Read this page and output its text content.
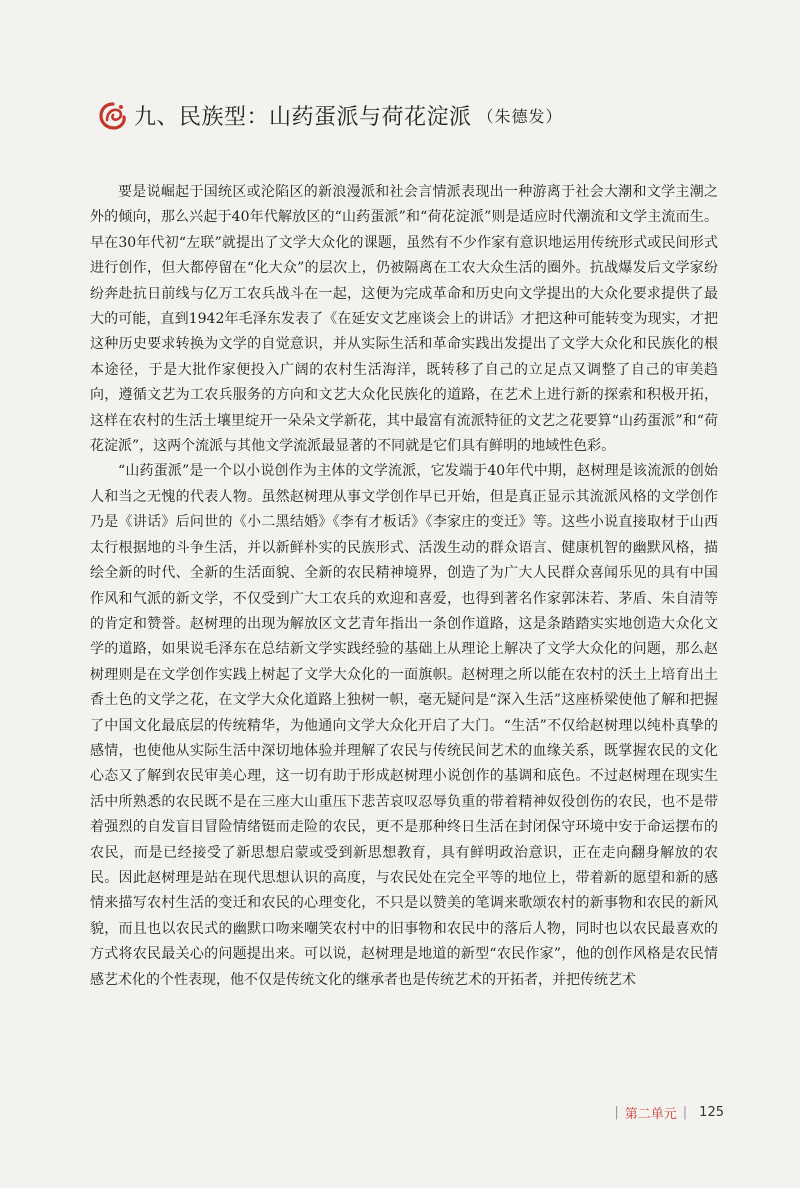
九、民族型：山药蛋派与荷花淀派 （朱德发）

要是说崛起于国统区或沦陷区的新浪漫派和社会言情派表现出一种游离于社会大潮和文学主潮之外的倾向，那么兴起于40年代解放区的“山药蛋派”和“荷花淀派”则是适应时代潮流和文学主流而生。早在30年代初“左联”就提出了文学大众化的课题，虽然有不少作家有意识地运用传统形式或民间形式进行创作，但大都停留在“化大众”的层次上，仍被隔离在工农大众生活的圈外。抗战爆发后文学家纷纷奔赴抗日前线与亿万工农兵战斗在一起，这便为完成革命和历史向文学提出的大众化要求提供了最大的可能，直到1942年毛泽东发表了《在延安文艺座谈会上的讲话》才把这种可能转变为现实，才把这种历史要求转换为文学的自觉意识，并从实际生活和革命实践出发提出了文学大众化和民族化的根本途径，于是大批作家便投入广阔的农村生活海洋，既转移了自己的立足点又调整了自己的审美趋向，遵循文艺为工农兵服务的方向和文艺大众化民族化的道路，在艺术上进行新的探索和积极开拓，这样在农村的生活土壤里绽开一朵朵文学新花，其中最富有流派特征的文艺之花要算“山药蛋派”和“荷花淀派”，这两个流派与其他文学流派最显著的不同就是它们具有鲜明的地域性色彩。

“山药蛋派”是一个以小说创作为主体的文学流派，它发端于40年代中期，赵树理是该流派的创始人和当之无愧的代表人物。虽然赵树理从事文学创作早已开始，但是真正显示其流派风格的文学创作乃是《讲话》后问世的《小二黑结婚》《李有才板话》《李家庄的变迁》等。这些小说直接取材于山西太行根据地的斗争生活，并以新鲜朴实的民族形式、活泼生动的群众语言、健康机智的幽默风格，描绘全新的时代、全新的生活面貌、全新的农民精神境界，创造了为广大人民群众喜闻乐见的具有中国作风和气派的新文学，不仅受到广大工农兵的欢迎和喜爱，也得到著名作家郭沫若、茅盾、朱自清等的肯定和赞誉。赵树理的出现为解放区文艺青年指出一条创作道路，这是条踏踏实实地创造大众化文学的道路，如果说毛泽东在总结新文学实践经验的基础上从理论上解决了文学大众化的问题，那么赵树理则是在文学创作实践上树起了文学大众化的一面旗帜。赵树理之所以能在农村的沃土上培育出土香土色的文学之花，在文学大众化道路上独树一帜，毫无疑问是“深入生活”这座桥梁使他了解和把握了中国文化最底层的传统精华，为他通向文学大众化开启了大门。“生活”不仅给赵树理以纯朴真挚的感情，也使他从实际生活中深切地体验并理解了农民与传统民间艺术的血缘关系，既掌握农民的文化心态又了解到农民审美心理，这一切有助于形成赵树理小说创作的基调和底色。不过赵树理在现实生活中所熟悉的农民既不是在三座大山重压下悲苦哀叹忍辱负重的带着精神奴役创伤的农民，也不是带着强烈的自发盲目冒险情绪铤而走险的农民，更不是那种终日生活在封闭保守环境中安于命运摆布的农民，而是已经接受了新思想启蒙或受到新思想教育，具有鲜明政治意识，正在走向翻身解放的农民。因此赵树理是站在现代思想认识的高度，与农民处在完全平等的地位上，带着新的愿望和新的感情来描写农村生活的变迁和农民的心理变化，不只是以赞美的笔调来歌颂农村的新事物和农民的新风貌，而且也以农民式的幽默口吻来嘲笑农村中的旧事物和农民中的落后人物，同时也以农民最喜欢的方式将农民最关心的问题提出来。可以说，赵树理是地道的新型“农民作家”，他的创作风格是农民情感艺术化的个性表现，他不仅是传统文化的继承者也是传统艺术的开拓者，并把传统艺术

| 第二单元 | 125
